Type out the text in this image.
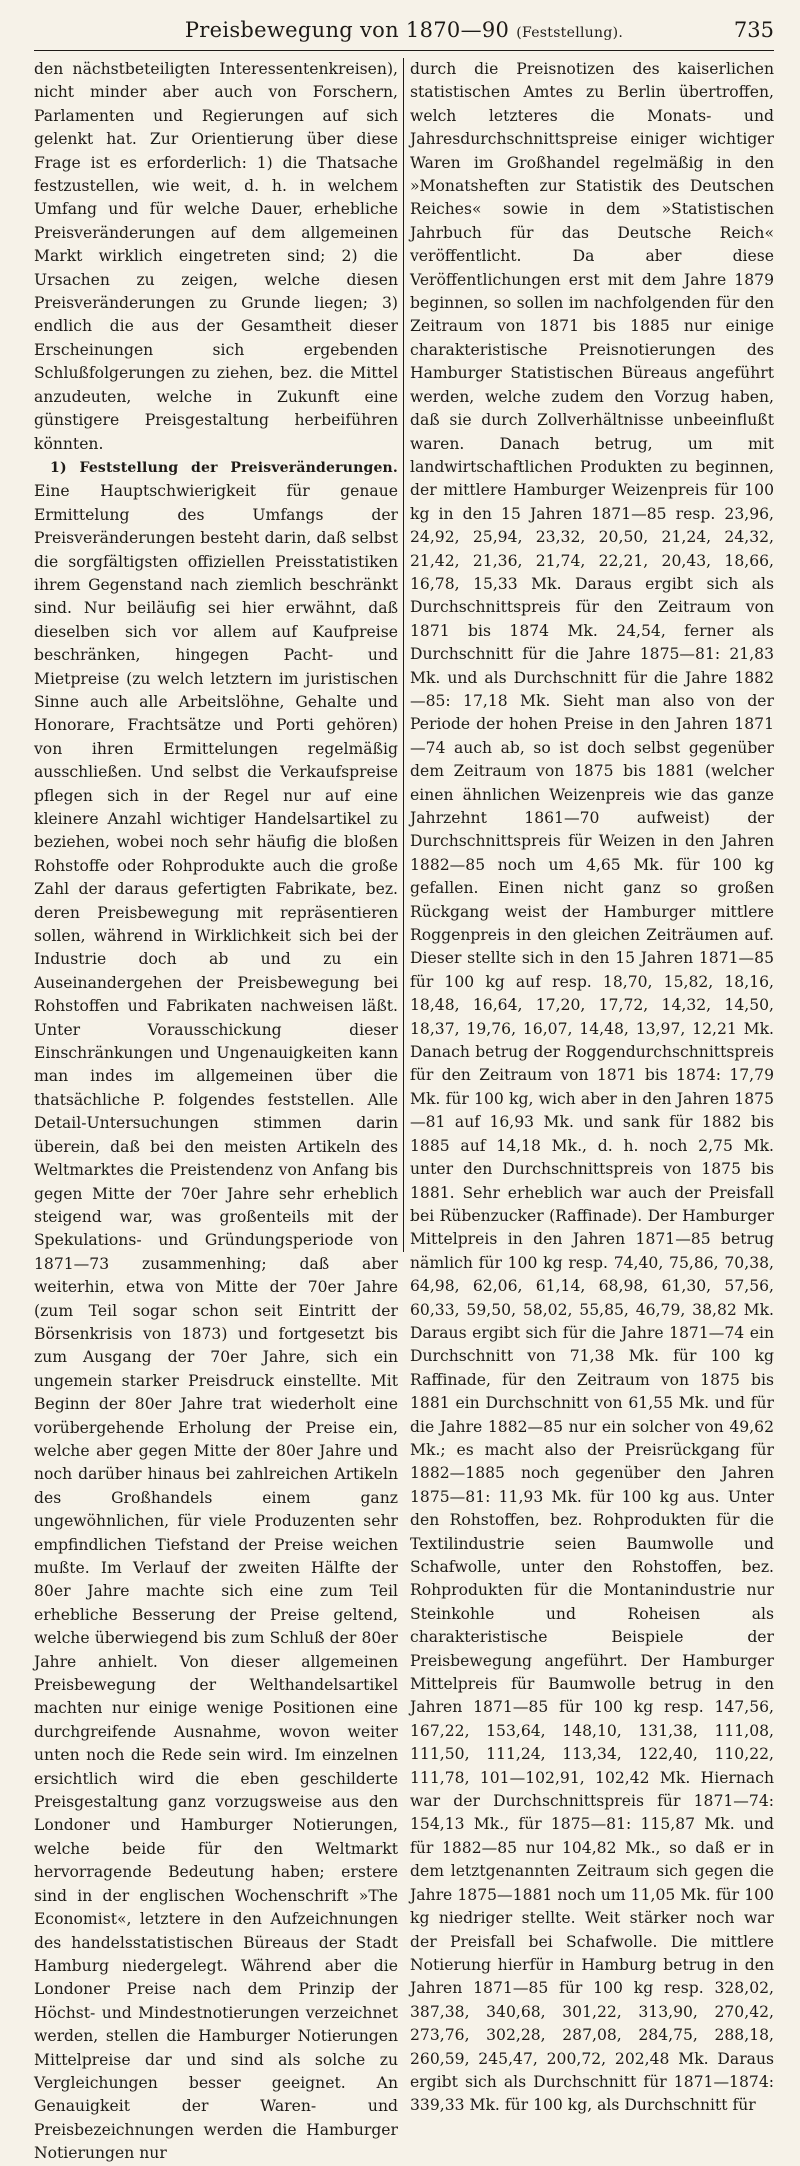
Preisbewegung von 1870—90 (Feststellung).	735

den nächstbeteiligten Interessentenkreisen), nicht minder aber auch von Forschern, Parlamenten und Regierungen auf sich gelenkt hat. Zur Orientierung über diese Frage ist es erforderlich: 1) die Thatsache festzustellen, wie weit, d. h. in welchem Umfang und für welche Dauer, erhebliche Preisveränderungen auf dem allgemeinen Markt wirklich eingetreten sind; 2) die Ursachen zu zeigen, welche diesen Preisveränderungen zu Grunde liegen; 3) endlich die aus der Gesamtheit dieser Erscheinungen sich ergebenden Schlußfolgerungen zu ziehen, bez. die Mittel anzudeuten, welche in Zukunft eine günstigere Preisgestaltung herbeiführen könnten.

1) Feststellung der Preisveränderungen. Eine Hauptschwierigkeit für genaue Ermittelung des Umfangs der Preisveränderungen besteht darin, daß selbst die sorgfältigsten offiziellen Preisstatistiken ihrem Gegenstand nach ziemlich beschränkt sind. Nur beiläufig sei hier erwähnt, daß dieselben sich vor allem auf Kaufpreise beschränken, hingegen Pacht- und Mietpreise (zu welch letztern im juristischen Sinne auch alle Arbeitslöhne, Gehalte und Honorare, Frachtsätze und Porti gehören) von ihren Ermittelungen regelmäßig ausschließen. Und selbst die Verkaufspreise pflegen sich in der Regel nur auf eine kleinere Anzahl wichtiger Handelsartikel zu beziehen, wobei noch sehr häufig die bloßen Rohstoffe oder Rohprodukte auch die große Zahl der daraus gefertigten Fabrikate, bez. deren Preisbewegung mit repräsentieren sollen, während in Wirklichkeit sich bei der Industrie doch ab und zu ein Auseinandergehen der Preisbewegung bei Rohstoffen und Fabrikaten nachweisen läßt. Unter Vorausschickung dieser Einschränkungen und Ungenauigkeiten kann man indes im allgemeinen über die thatsächliche P. folgendes feststellen. Alle Detail-Untersuchungen stimmen darin überein, daß bei den meisten Artikeln des Weltmarktes die Preistendenz von Anfang bis gegen Mitte der 70er Jahre sehr erheblich steigend war, was großenteils mit der Spekulations- und Gründungsperiode von 1871—73 zusammenhing; daß aber weiterhin, etwa von Mitte der 70er Jahre (zum Teil sogar schon seit Eintritt der Börsenkrisis von 1873) und fortgesetzt bis zum Ausgang der 70er Jahre, sich ein ungemein starker Preisdruck einstellte. Mit Beginn der 80er Jahre trat wiederholt eine vorübergehende Erholung der Preise ein, welche aber gegen Mitte der 80er Jahre und noch darüber hinaus bei zahlreichen Artikeln des Großhandels einem ganz ungewöhnlichen, für viele Produzenten sehr empfindlichen Tiefstand der Preise weichen mußte. Im Verlauf der zweiten Hälfte der 80er Jahre machte sich eine zum Teil erhebliche Besserung der Preise geltend, welche überwiegend bis zum Schluß der 80er Jahre anhielt. Von dieser allgemeinen Preisbewegung der Welthandelsartikel machten nur einige wenige Positionen eine durchgreifende Ausnahme, wovon weiter unten noch die Rede sein wird. Im einzelnen ersichtlich wird die eben geschilderte Preisgestaltung ganz vorzugsweise aus den Londoner und Hamburger Notierungen, welche beide für den Weltmarkt hervorragende Bedeutung haben; erstere sind in der englischen Wochenschrift »The Economist«, letztere in den Aufzeichnungen des handelsstatistischen Büreaus der Stadt Hamburg niedergelegt. Während aber die Londoner Preise nach dem Prinzip der Höchst- und Mindestnotierungen verzeichnet werden, stellen die Hamburger Notierungen Mittelpreise dar und sind als solche zu Vergleichungen besser geeignet. An Genauigkeit der Waren- und Preisbezeichnungen werden die Hamburger Notierungen nur

durch die Preisnotizen des kaiserlichen statistischen Amtes zu Berlin übertroffen, welch letzteres die Monats- und Jahresdurchschnittspreise einiger wichtiger Waren im Großhandel regelmäßig in den »Monatsheften zur Statistik des Deutschen Reiches« sowie in dem »Statistischen Jahrbuch für das Deutsche Reich« veröffentlicht. Da aber diese Veröffentlichungen erst mit dem Jahre 1879 beginnen, so sollen im nachfolgenden für den Zeitraum von 1871 bis 1885 nur einige charakteristische Preisnotierungen des Hamburger Statistischen Büreaus angeführt werden, welche zudem den Vorzug haben, daß sie durch Zollverhältnisse unbeeinflußt waren. Danach betrug, um mit landwirtschaftlichen Produkten zu beginnen, der mittlere Hamburger Weizenpreis für 100 kg in den 15 Jahren 1871—85 resp. 23,96, 24,92, 25,94, 23,32, 20,50, 21,24, 24,32, 21,42, 21,36, 21,74, 22,21, 20,43, 18,66, 16,78, 15,33 Mk. Daraus ergibt sich als Durchschnittspreis für den Zeitraum von 1871 bis 1874 Mk. 24,54, ferner als Durchschnitt für die Jahre 1875—81: 21,83 Mk. und als Durchschnitt für die Jahre 1882—85: 17,18 Mk. Sieht man also von der Periode der hohen Preise in den Jahren 1871—74 auch ab, so ist doch selbst gegenüber dem Zeitraum von 1875 bis 1881 (welcher einen ähnlichen Weizenpreis wie das ganze Jahrzehnt 1861—70 aufweist) der Durchschnittspreis für Weizen in den Jahren 1882—85 noch um 4,65 Mk. für 100 kg gefallen. Einen nicht ganz so großen Rückgang weist der Hamburger mittlere Roggenpreis in den gleichen Zeiträumen auf. Dieser stellte sich in den 15 Jahren 1871—85 für 100 kg auf resp. 18,70, 15,82, 18,16, 18,48, 16,64, 17,20, 17,72, 14,32, 14,50, 18,37, 19,76, 16,07, 14,48, 13,97, 12,21 Mk. Danach betrug der Roggendurchschnittspreis für den Zeitraum von 1871 bis 1874: 17,79 Mk. für 100 kg, wich aber in den Jahren 1875—81 auf 16,93 Mk. und sank für 1882 bis 1885 auf 14,18 Mk., d. h. noch 2,75 Mk. unter den Durchschnittspreis von 1875 bis 1881. Sehr erheblich war auch der Preisfall bei Rübenzucker (Raffinade). Der Hamburger Mittelpreis in den Jahren 1871—85 betrug nämlich für 100 kg resp. 74,40, 75,86, 70,38, 64,98, 62,06, 61,14, 68,98, 61,30, 57,56, 60,33, 59,50, 58,02, 55,85, 46,79, 38,82 Mk. Daraus ergibt sich für die Jahre 1871—74 ein Durchschnitt von 71,38 Mk. für 100 kg Raffinade, für den Zeitraum von 1875 bis 1881 ein Durchschnitt von 61,55 Mk. und für die Jahre 1882—85 nur ein solcher von 49,62 Mk.; es macht also der Preisrückgang für 1882—1885 noch gegenüber den Jahren 1875—81: 11,93 Mk. für 100 kg aus. Unter den Rohstoffen, bez. Rohprodukten für die Textilindustrie seien Baumwolle und Schafwolle, unter den Rohstoffen, bez. Rohprodukten für die Montanindustrie nur Steinkohle und Roheisen als charakteristische Beispiele der Preisbewegung angeführt. Der Hamburger Mittelpreis für Baumwolle betrug in den Jahren 1871—85 für 100 kg resp. 147,56, 167,22, 153,64, 148,10, 131,38, 111,08, 111,50, 111,24, 113,34, 122,40, 110,22, 111,78, 101—102,91, 102,42 Mk. Hiernach war der Durchschnittspreis für 1871—74: 154,13 Mk., für 1875—81: 115,87 Mk. und für 1882—85 nur 104,82 Mk., so daß er in dem letztgenannten Zeitraum sich gegen die Jahre 1875—1881 noch um 11,05 Mk. für 100 kg niedriger stellte. Weit stärker noch war der Preisfall bei Schafwolle. Die mittlere Notierung hierfür in Hamburg betrug in den Jahren 1871—85 für 100 kg resp. 328,02, 387,38, 340,68, 301,22, 313,90, 270,42, 273,76, 302,28, 287,08, 284,75, 288,18, 260,59, 245,47, 200,72, 202,48 Mk. Daraus ergibt sich als Durchschnitt für 1871—1874: 339,33 Mk. für 100 kg, als Durchschnitt für
